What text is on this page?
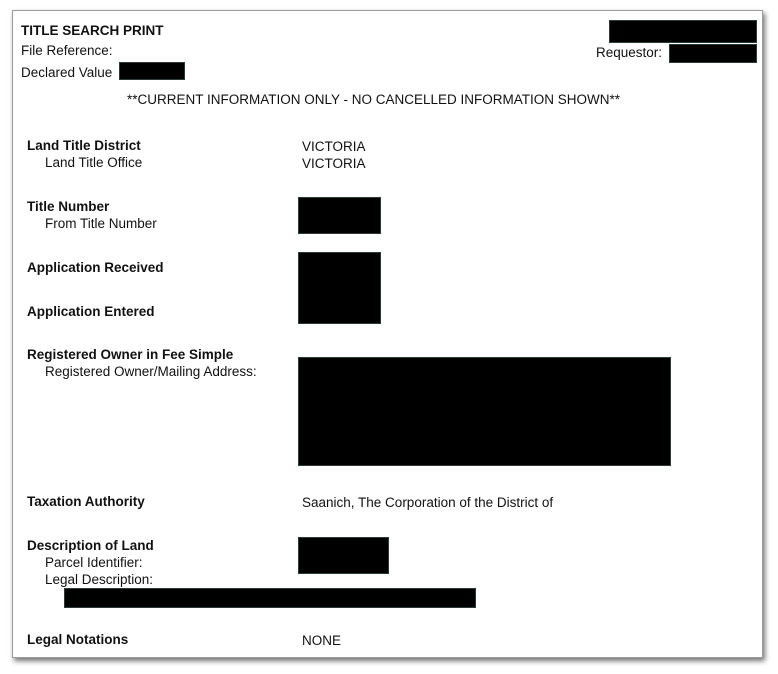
TITLE SEARCH PRINT
File Reference:
Declared Value
Requestor:
**CURRENT INFORMATION ONLY - NO CANCELLED INFORMATION SHOWN**
Land Title District	VICTORIA
Land Title Office	VICTORIA
Title Number
From Title Number
Application Received
Application Entered
Registered Owner in Fee Simple
Registered Owner/Mailing Address:
Taxation Authority	Saanich, The Corporation of the District of
Description of Land
Parcel Identifier:
Legal Description:
Legal Notations	NONE
